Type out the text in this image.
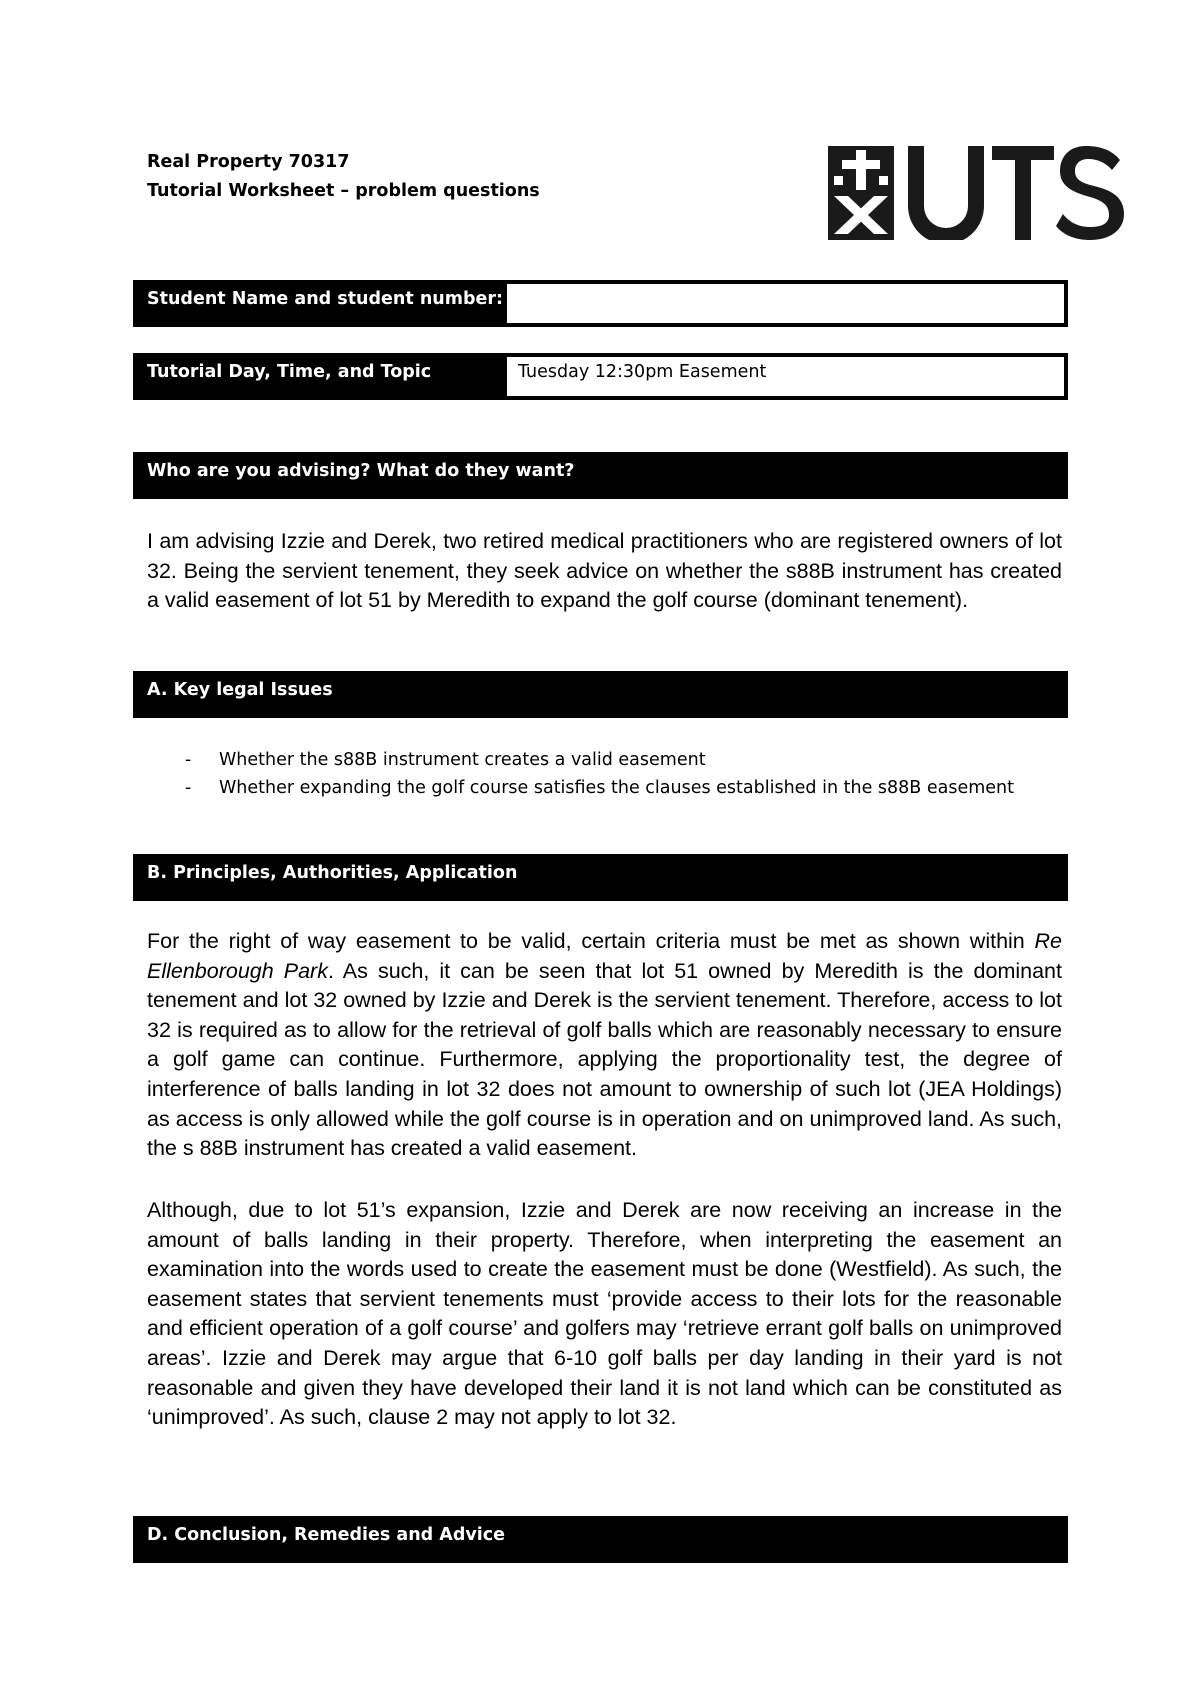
Real Property 70317
Tutorial Worksheet – problem questions
Student Name and student number:
Tutorial Day, Time, and Topic	Tuesday 12:30pm Easement
Who are you advising? What do they want?

I am advising Izzie and Derek, two retired medical practitioners who are registered owners of lot 32. Being the servient tenement, they seek advice on whether the s88B instrument has created a valid easement of lot 51 by Meredith to expand the golf course (dominant tenement).

A. Key legal Issues
- Whether the s88B instrument creates a valid easement
- Whether expanding the golf course satisfies the clauses established in the s88B easement
B. Principles, Authorities, Application

For the right of way easement to be valid, certain criteria must be met as shown within Re Ellenborough Park. As such, it can be seen that lot 51 owned by Meredith is the dominant tenement and lot 32 owned by Izzie and Derek is the servient tenement. Therefore, access to lot 32 is required as to allow for the retrieval of golf balls which are reasonably necessary to ensure a golf game can continue. Furthermore, applying the proportionality test, the degree of interference of balls landing in lot 32 does not amount to ownership of such lot (JEA Holdings) as access is only allowed while the golf course is in operation and on unimproved land. As such, the s 88B instrument has created a valid easement.

Although, due to lot 51’s expansion, Izzie and Derek are now receiving an increase in the amount of balls landing in their property. Therefore, when interpreting the easement an examination into the words used to create the easement must be done (Westfield). As such, the easement states that servient tenements must ‘provide access to their lots for the reasonable and efficient operation of a golf course’ and golfers may ‘retrieve errant golf balls on unimproved areas’. Izzie and Derek may argue that 6-10 golf balls per day landing in their yard is not reasonable and given they have developed their land it is not land which can be constituted as ‘unimproved’. As such, clause 2 may not apply to lot 32.

D. Conclusion, Remedies and Advice
